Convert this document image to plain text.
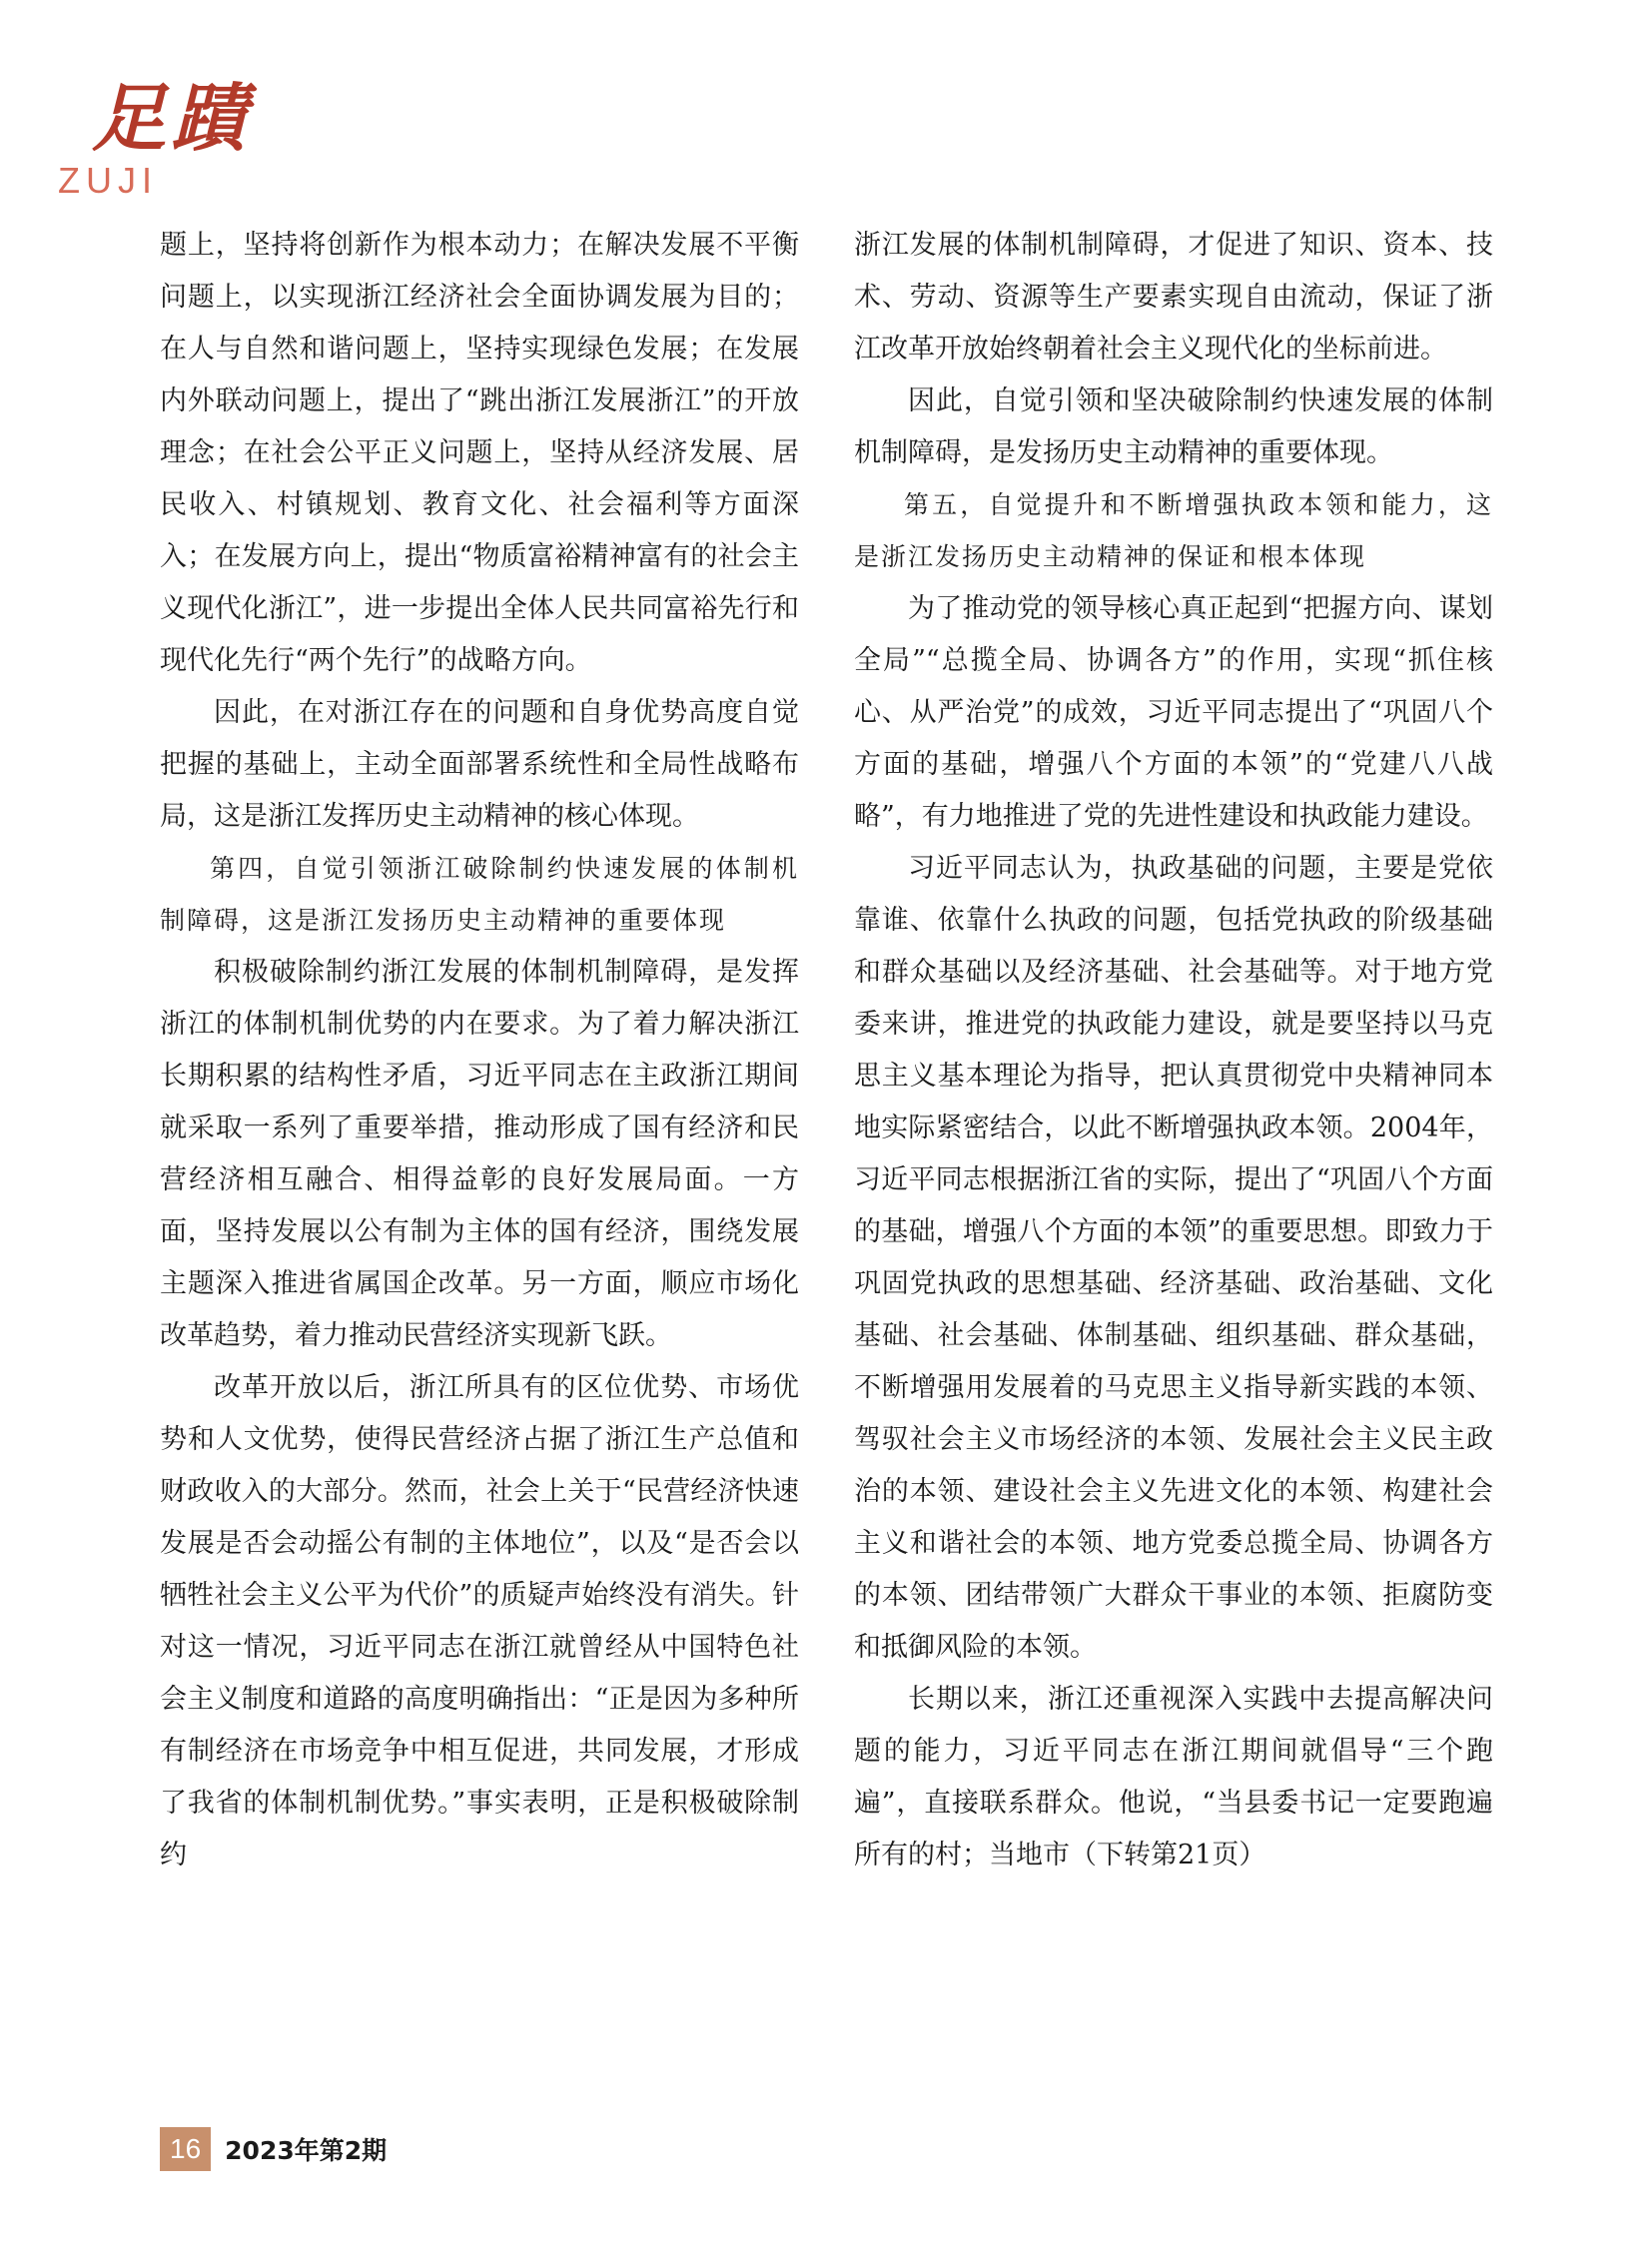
足蹟
ZUJI

题上，坚持将创新作为根本动力；在解决发展不平衡问题上，以实现浙江经济社会全面协调发展为目的；在人与自然和谐问题上，坚持实现绿色发展；在发展内外联动问题上，提出了“跳出浙江发展浙江”的开放理念；在社会公平正义问题上，坚持从经济发展、居民收入、村镇规划、教育文化、社会福利等方面深入；在发展方向上，提出“物质富裕精神富有的社会主义现代化浙江”，进一步提出全体人民共同富裕先行和现代化先行“两个先行”的战略方向。

因此，在对浙江存在的问题和自身优势高度自觉把握的基础上，主动全面部署系统性和全局性战略布局，这是浙江发挥历史主动精神的核心体现。

第四，自觉引领浙江破除制约快速发展的体制机制障碍，这是浙江发扬历史主动精神的重要体现

积极破除制约浙江发展的体制机制障碍，是发挥浙江的体制机制优势的内在要求。为了着力解决浙江长期积累的结构性矛盾，习近平同志在主政浙江期间就采取一系列了重要举措，推动形成了国有经济和民营经济相互融合、相得益彰的良好发展局面。一方面，坚持发展以公有制为主体的国有经济，围绕发展主题深入推进省属国企改革。另一方面，顺应市场化改革趋势，着力推动民营经济实现新飞跃。

改革开放以后，浙江所具有的区位优势、市场优势和人文优势，使得民营经济占据了浙江生产总值和财政收入的大部分。然而，社会上关于“民营经济快速发展是否会动摇公有制的主体地位”，以及“是否会以牺牲社会主义公平为代价”的质疑声始终没有消失。针对这一情况，习近平同志在浙江就曾经从中国特色社会主义制度和道路的高度明确指出：“正是因为多种所有制经济在市场竞争中相互促进，共同发展，才形成了我省的体制机制优势。”事实表明，正是积极破除制约

浙江发展的体制机制障碍，才促进了知识、资本、技术、劳动、资源等生产要素实现自由流动，保证了浙江改革开放始终朝着社会主义现代化的坐标前进。

因此，自觉引领和坚决破除制约快速发展的体制机制障碍，是发扬历史主动精神的重要体现。

第五，自觉提升和不断增强执政本领和能力，这是浙江发扬历史主动精神的保证和根本体现

为了推动党的领导核心真正起到“把握方向、谋划全局”“总揽全局、协调各方”的作用，实现“抓住核心、从严治党”的成效，习近平同志提出了“巩固八个方面的基础，增强八个方面的本领”的“党建八八战略”，有力地推进了党的先进性建设和执政能力建设。

习近平同志认为，执政基础的问题，主要是党依靠谁、依靠什么执政的问题，包括党执政的阶级基础和群众基础以及经济基础、社会基础等。对于地方党委来讲，推进党的执政能力建设，就是要坚持以马克思主义基本理论为指导，把认真贯彻党中央精神同本地实际紧密结合，以此不断增强执政本领。2004年，习近平同志根据浙江省的实际，提出了“巩固八个方面的基础，增强八个方面的本领”的重要思想。即致力于巩固党执政的思想基础、经济基础、政治基础、文化基础、社会基础、体制基础、组织基础、群众基础，不断增强用发展着的马克思主义指导新实践的本领、驾驭社会主义市场经济的本领、发展社会主义民主政治的本领、建设社会主义先进文化的本领、构建社会主义和谐社会的本领、地方党委总揽全局、协调各方的本领、团结带领广大群众干事业的本领、拒腐防变和抵御风险的本领。

长期以来，浙江还重视深入实践中去提高解决问题的能力，习近平同志在浙江期间就倡导“三个跑遍”，直接联系群众。他说，“当县委书记一定要跑遍所有的村；当地市（下转第21页）

16 2023年第2期
